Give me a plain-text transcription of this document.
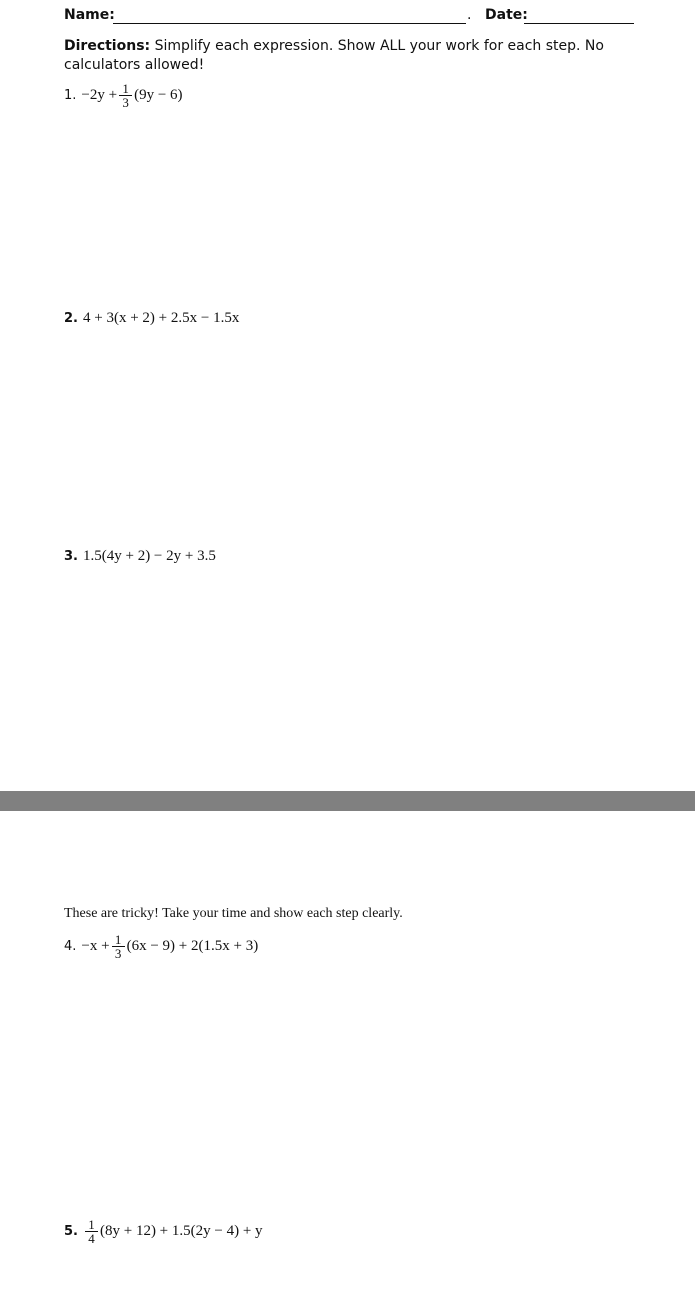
Name:	. Date:
Directions: Simplify each expression. Show ALL your work for each step. No calculators allowed!
1. $-2y + \frac{1}{3} (9y - 6)$
2. 4 + 3(x + 2) + 2.5x − 1.5x
3. 1.5(4y + 2) − 2y + 3.5
These are tricky! Take your time and show each step clearly.
4. $-x + \frac{1}{3} (6x - 9) + 2(1.5x + 3)$
5. $\frac{1}{4} (8y + 12) + 1.5(2y - 4) + y$
